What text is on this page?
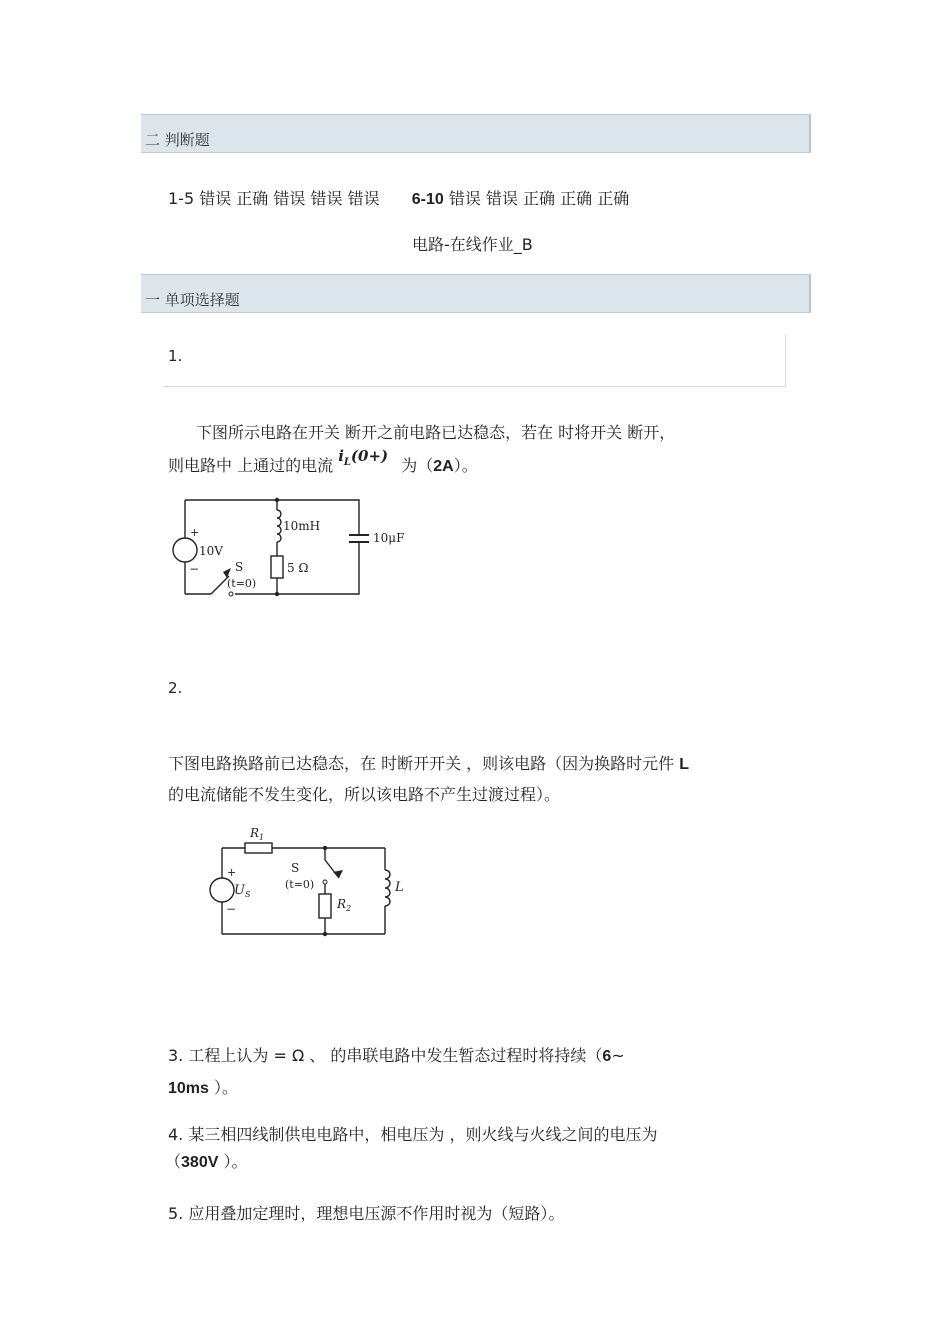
二 判断题
1-5 错误 正确 错误 错误 错误 6-10 错误 错误 正确 正确 正确
电路-在线作业_B
一 单项选择题
1.
下图所示电路在开关 断开之前电路已达稳态，若在 时将开关 断开，
则电路中 上通过的电流 $i_L(0+)$ 为（2A）。
+
−
10V
10mH
5 Ω
10μF
S
(t=0)
2.
下图电路换路前已达稳态，在 时断开开关 ，则该电路（因为换路时元件 L
的电流储能不发生变化，所以该电路不产生过渡过程）。
$R_1$
$R_2$
$U_S$	L
S
(t=0)
+
−
3. 工程上认为 = Ω 、 的串联电路中发生暂态过程时将持续（6~
10ms ）。
4. 某三相四线制供电电路中，相电压为 ，则火线与火线之间的电压为
（380V ）。
5. 应用叠加定理时，理想电压源不作用时视为（短路）。
